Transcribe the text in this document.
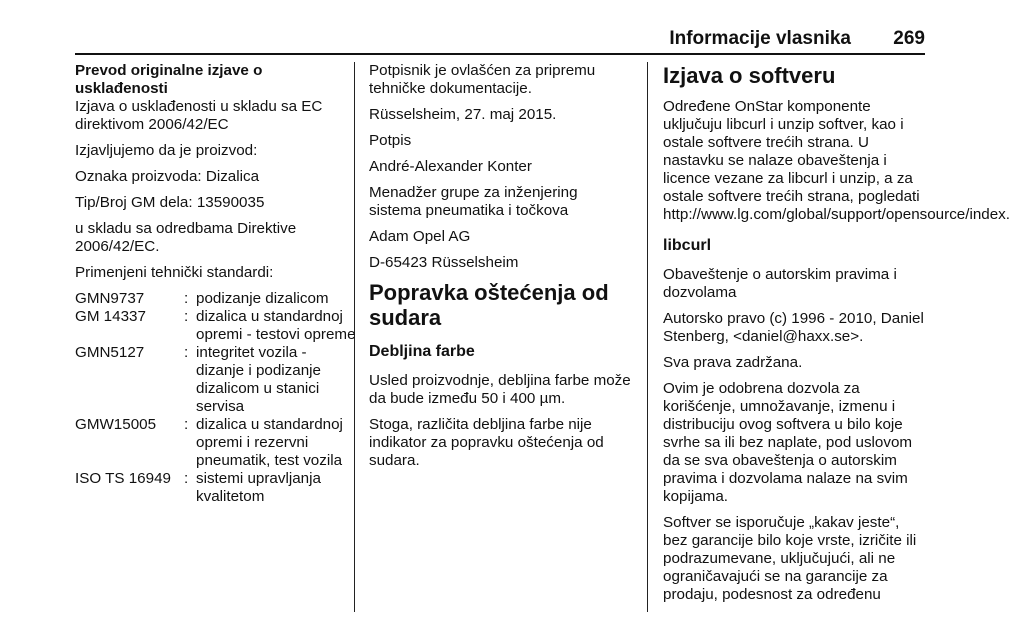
Informacije vlasnika 269

Prevod originalne izjave o usklađenosti

Izjava o usklađenosti u skladu sa EC direktivom 2006/42/EC

Izjavljujemo da je proizvod:

Oznaka proizvoda: Dizalica

Tip/Broj GM dela: 13590035

u skladu sa odredbama Direktive 2006/42/EC.

Primenjeni tehnički standardi:

GMN9737	: podizanje dizalicom
GM 14337	: dizalica u standardnoj opremi - testovi opreme
GMN5127	: integritet vozila - dizanje i podizanje dizalicom u stanici servisa
GMW15005	: dizalica u standardnoj opremi i rezervni pneumatik, test vozila
ISO TS 16949 : sistemi upravljanja kvalitetom

Potpisnik je ovlašćen za pripremu tehničke dokumentacije.

Rüsselsheim, 27. maj 2015.

Potpis

André-Alexander Konter

Menadžer grupe za inženjering sistema pneumatika i točkova

Adam Opel AG

D-65423 Rüsselsheim

Popravka oštećenja od sudara
Debljina farbe

Usled proizvodnje, debljina farbe može da bude između 50 i 400 µm.

Stoga, različita debljina farbe nije indikator za popravku oštećenja od sudara.

Izjava o softveru

Određene OnStar komponente uključuju libcurl i unzip softver, kao i ostale softvere trećih strana. U nastavku se nalaze obaveštenja i licence vezane za libcurl i unzip, a za ostale softvere trećih strana, pogledati http://www.lg.com/global/support/opensource/index.

libcurl

Obaveštenje o autorskim pravima i dozvolama

Autorsko pravo (c) 1996 - 2010, Daniel Stenberg, <daniel@haxx.se>.

Sva prava zadržana.

Ovim je odobrena dozvola za korišćenje, umnožavanje, izmenu i distribuciju ovog softvera u bilo koje svrhe sa ili bez naplate, pod uslovom da se sva obaveštenja o autorskim pravima i dozvolama nalaze na svim kopijama.

Softver se isporučuje „kakav jeste“, bez garancije bilo koje vrste, izričite ili podrazumevane, uključujući, ali ne ograničavajući se na garancije za prodaju, podesnost za određenu
